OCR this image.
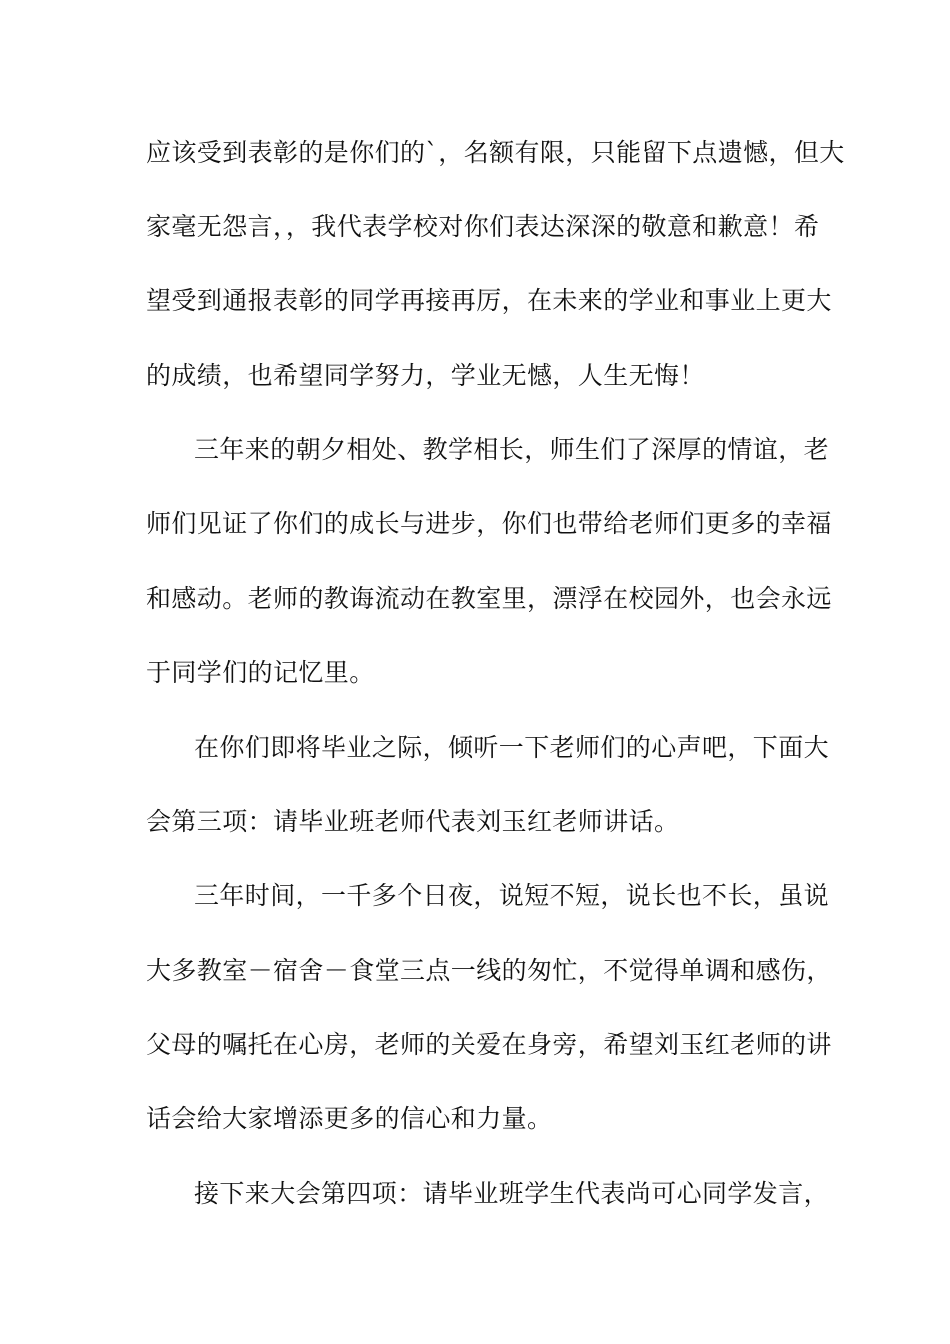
应该受到表彰的是你们的`，名额有限，只能留下点遗憾，但大
家毫无怨言，，我代表学校对你们表达深深的敬意和歉意！希
望受到通报表彰的同学再接再厉，在未来的学业和事业上更大
的成绩，也希望同学努力，学业无憾，人生无悔！
三年来的朝夕相处、教学相长，师生们了深厚的情谊，老
师们见证了你们的成长与进步，你们也带给老师们更多的幸福
和感动。老师的教诲流动在教室里，漂浮在校园外，也会永远
于同学们的记忆里。
在你们即将毕业之际，倾听一下老师们的心声吧，下面大
会第三项：请毕业班老师代表刘玉红老师讲话。
三年时间，一千多个日夜，说短不短，说长也不长，虽说
大多教室－宿舍－食堂三点一线的匆忙，不觉得单调和感伤，
父母的嘱托在心房，老师的关爱在身旁，希望刘玉红老师的讲
话会给大家增添更多的信心和力量。
接下来大会第四项：请毕业班学生代表尚可心同学发言，
